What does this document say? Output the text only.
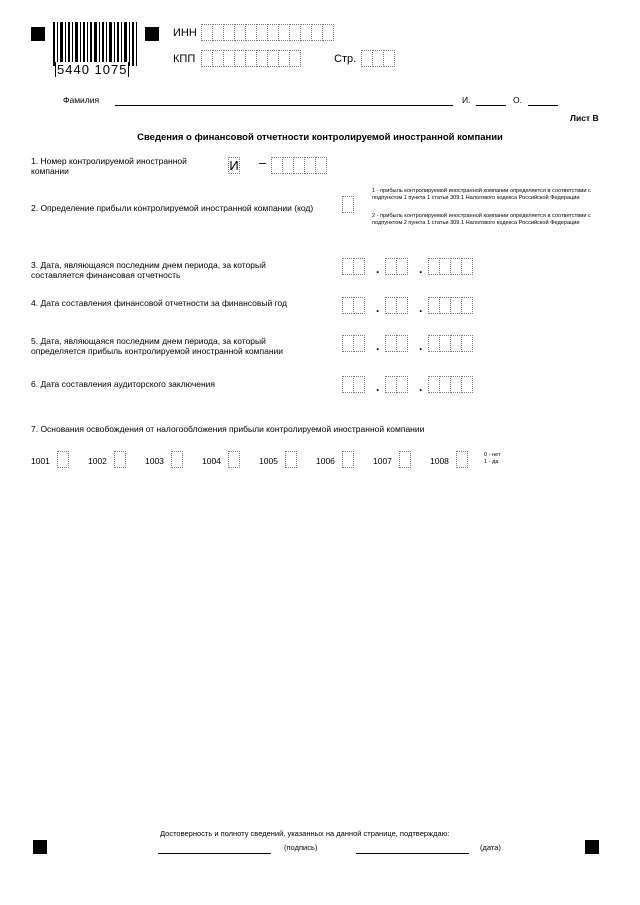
5440 1075
ИНН
КПП	Стр.
Фамилия	И.	О.
Лист В
Сведения о финансовой отчетности контролируемой иностранной компании
1. Номер контролируемой иностранной компании	И –
2. Определение прибыли контролируемой иностранной компании (код)
1 - прибыль контролируемой иностранной компании определяется в соответствии с подпунктом 1 пункта 1 статьи 309.1 Налогового кодекса Российской Федерации
2 - прибыль контролируемой иностранной компании определяется в соответствии с подпунктом 2 пункта 1 статьи 309.1 Налогового кодекса Российской Федерации
3. Дата, являющаяся последним днем периода, за который составляется финансовая отчетность	.	.
4. Дата составления финансовой отчетности за финансовый год	.	.
5. Дата, являющаяся последним днем периода, за который определяется прибыль контролируемой иностранной компании	.	.
6. Дата составления аудиторского заключения	.	.
7. Основания освобождения от налогообложения прибыли контролируемой иностранной компании
1001	1002	1003	1004	1005	1006	1007	1008
0 - нет
1 - да
Достоверность и полноту сведений, указанных на данной странице, подтверждаю:
(подпись)	(дата)
